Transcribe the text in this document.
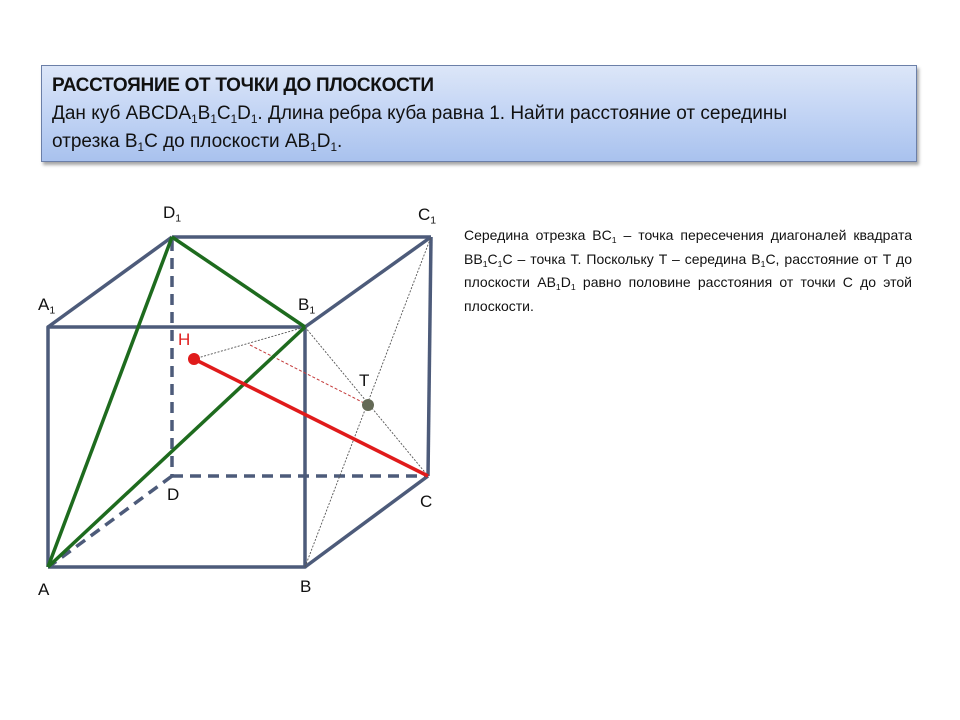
РАССТОЯНИЕ ОТ ТОЧКИ ДО ПЛОСКОСТИ
Дан куб $ABCDA_1B_1C_1D_1$. Длина ребра куба равна 1. Найти расстояние от середины
отрезка $B_1C$ до плоскости $AB_1D_1$.
$D_1$	$C_1$
$A_1$	$B_1$
H
T
D	C
A	B
Середина отрезка $BC_1$ – точка пересечения диагоналей квадрата $BB_1C_1C$ – точка T. Поскольку T – середина $B_1C$, расстояние от T до плоскости $AB_1D_1$ равно половине расстояния от точки C до этой плоскости.
